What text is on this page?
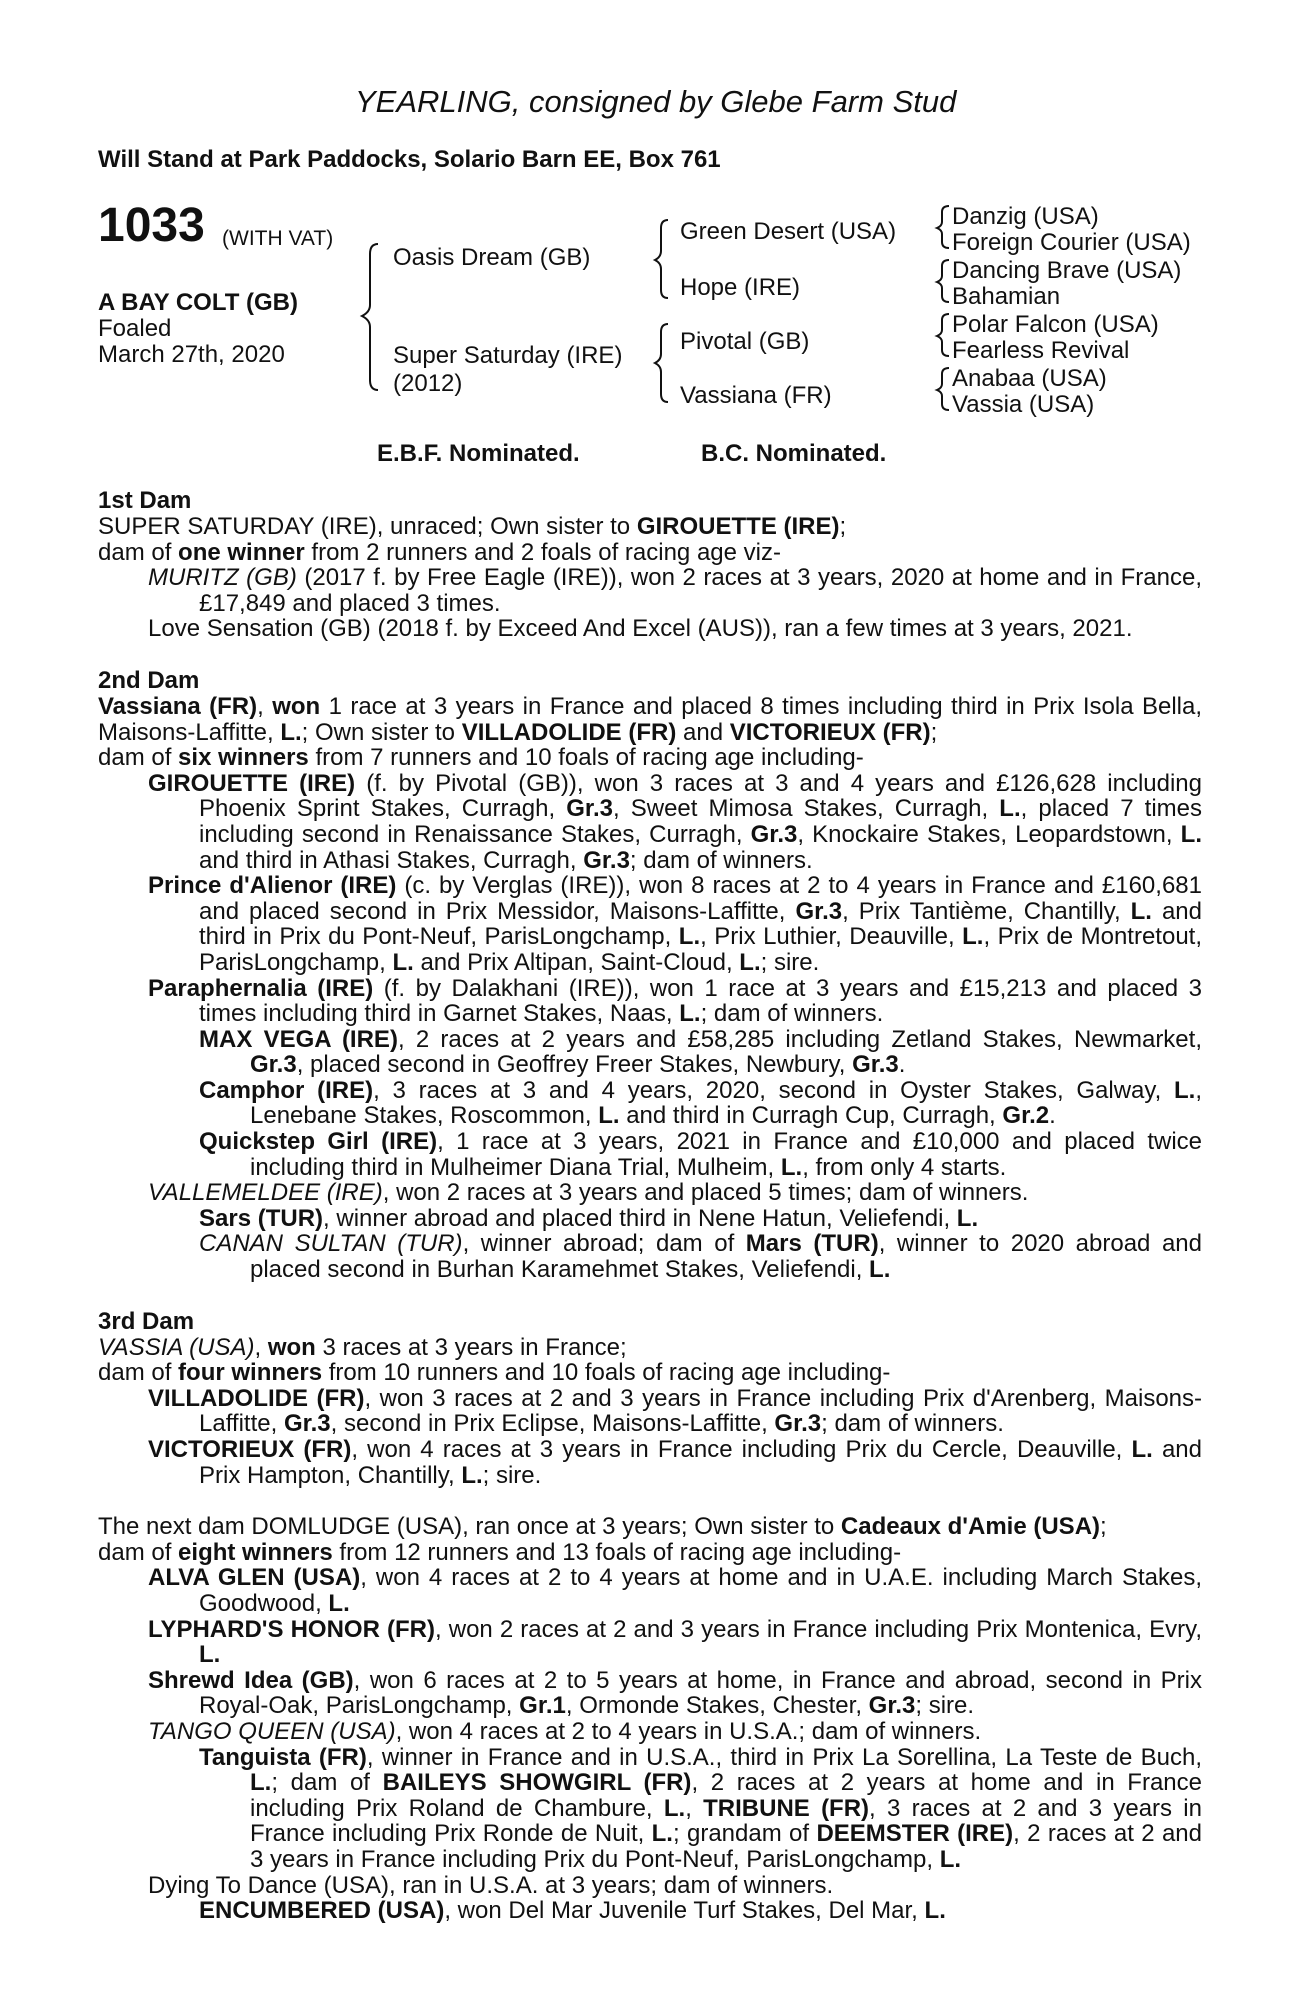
YEARLING, consigned by Glebe Farm Stud
Will Stand at Park Paddocks, Solario Barn EE, Box 761
1033 (WITH VAT)
A BAY COLT (GB)
Foaled
March 27th, 2020
Oasis Dream (GB)
Super Saturday (IRE)
(2012)
Green Desert (USA)
Hope (IRE)
Pivotal (GB)
Vassiana (FR)
Danzig (USA)
Foreign Courier (USA)
Dancing Brave (USA)
Bahamian
Polar Falcon (USA)
Fearless Revival
Anabaa (USA)
Vassia (USA)
E.B.F. Nominated.	B.C. Nominated.
1st Dam

SUPER SATURDAY (IRE), unraced; Own sister to GIROUETTE (IRE);

dam of one winner from 2 runners and 2 foals of racing age viz-

MURITZ (GB) (2017 f. by Free Eagle (IRE)), won 2 races at 3 years, 2020 at home and in France, £17,849 and placed 3 times.

Love Sensation (GB) (2018 f. by Exceed And Excel (AUS)), ran a few times at 3 years, 2021.

2nd Dam

Vassiana (FR), won 1 race at 3 years in France and placed 8 times including third in Prix Isola Bella, Maisons-Laffitte, L.; Own sister to VILLADOLIDE (FR) and VICTORIEUX (FR);

dam of six winners from 7 runners and 10 foals of racing age including-

GIROUETTE (IRE) (f. by Pivotal (GB)), won 3 races at 3 and 4 years and £126,628 including Phoenix Sprint Stakes, Curragh, Gr.3, Sweet Mimosa Stakes, Curragh, L., placed 7 times including second in Renaissance Stakes, Curragh, Gr.3, Knockaire Stakes, Leopardstown, L. and third in Athasi Stakes, Curragh, Gr.3; dam of winners.

Prince d'Alienor (IRE) (c. by Verglas (IRE)), won 8 races at 2 to 4 years in France and £160,681 and placed second in Prix Messidor, Maisons-Laffitte, Gr.3, Prix Tantième, Chantilly, L. and third in Prix du Pont-Neuf, ParisLongchamp, L., Prix Luthier, Deauville, L., Prix de Montretout, ParisLongchamp, L. and Prix Altipan, Saint-Cloud, L.; sire.

Paraphernalia (IRE) (f. by Dalakhani (IRE)), won 1 race at 3 years and £15,213 and placed 3 times including third in Garnet Stakes, Naas, L.; dam of winners.

MAX VEGA (IRE), 2 races at 2 years and £58,285 including Zetland Stakes, Newmarket, Gr.3, placed second in Geoffrey Freer Stakes, Newbury, Gr.3.

Camphor (IRE), 3 races at 3 and 4 years, 2020, second in Oyster Stakes, Galway, L., Lenebane Stakes, Roscommon, L. and third in Curragh Cup, Curragh, Gr.2.

Quickstep Girl (IRE), 1 race at 3 years, 2021 in France and £10,000 and placed twice including third in Mulheimer Diana Trial, Mulheim, L., from only 4 starts.

VALLEMELDEE (IRE), won 2 races at 3 years and placed 5 times; dam of winners.

Sars (TUR), winner abroad and placed third in Nene Hatun, Veliefendi, L.

CANAN SULTAN (TUR), winner abroad; dam of Mars (TUR), winner to 2020 abroad and placed second in Burhan Karamehmet Stakes, Veliefendi, L.

3rd Dam

VASSIA (USA), won 3 races at 3 years in France;

dam of four winners from 10 runners and 10 foals of racing age including-

VILLADOLIDE (FR), won 3 races at 2 and 3 years in France including Prix d'Arenberg, Maisons-Laffitte, Gr.3, second in Prix Eclipse, Maisons-Laffitte, Gr.3; dam of winners.

VICTORIEUX (FR), won 4 races at 3 years in France including Prix du Cercle, Deauville, L. and Prix Hampton, Chantilly, L.; sire.

The next dam DOMLUDGE (USA), ran once at 3 years; Own sister to Cadeaux d'Amie (USA);

dam of eight winners from 12 runners and 13 foals of racing age including-

ALVA GLEN (USA), won 4 races at 2 to 4 years at home and in U.A.E. including March Stakes, Goodwood, L.

LYPHARD'S HONOR (FR), won 2 races at 2 and 3 years in France including Prix Montenica, Evry, L.

Shrewd Idea (GB), won 6 races at 2 to 5 years at home, in France and abroad, second in Prix Royal-Oak, ParisLongchamp, Gr.1, Ormonde Stakes, Chester, Gr.3; sire.

TANGO QUEEN (USA), won 4 races at 2 to 4 years in U.S.A.; dam of winners.

Tanguista (FR), winner in France and in U.S.A., third in Prix La Sorellina, La Teste de Buch, L.; dam of BAILEYS SHOWGIRL (FR), 2 races at 2 years at home and in France including Prix Roland de Chambure, L., TRIBUNE (FR), 3 races at 2 and 3 years in France including Prix Ronde de Nuit, L.; grandam of DEEMSTER (IRE), 2 races at 2 and 3 years in France including Prix du Pont-Neuf, ParisLongchamp, L.

Dying To Dance (USA), ran in U.S.A. at 3 years; dam of winners.

ENCUMBERED (USA), won Del Mar Juvenile Turf Stakes, Del Mar, L.
